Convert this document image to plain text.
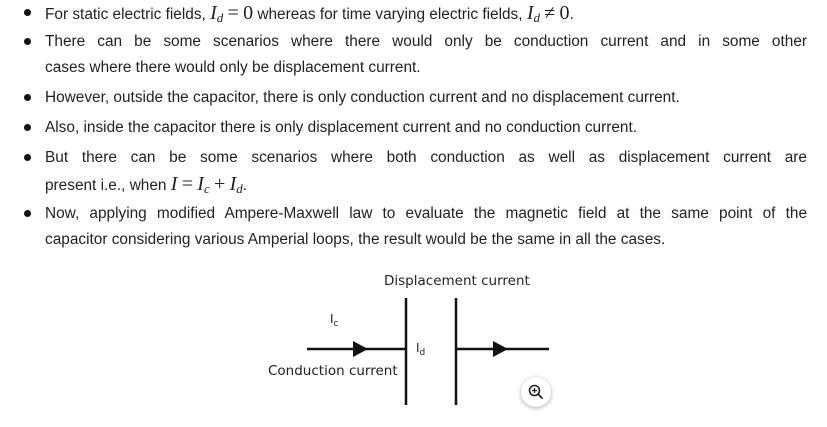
For static electric fields, Id = 0 whereas for time varying electric fields, Id ≠ 0.
There can be some scenarios where there would only be conduction current and in some other
cases where there would only be displacement current.
However, outside the capacitor, there is only conduction current and no displacement current.
Also, inside the capacitor there is only displacement current and no conduction current.
But there can be some scenarios where both conduction as well as displacement current are
present i.e., when I = Ic + Id.
Now, applying modified Ampere-Maxwell law to evaluate the magnetic field at the same point of the
capacitor considering various Amperial loops, the result would be the same in all the cases.
Displacement current
Conduction current
$I_c$
$I_d$
